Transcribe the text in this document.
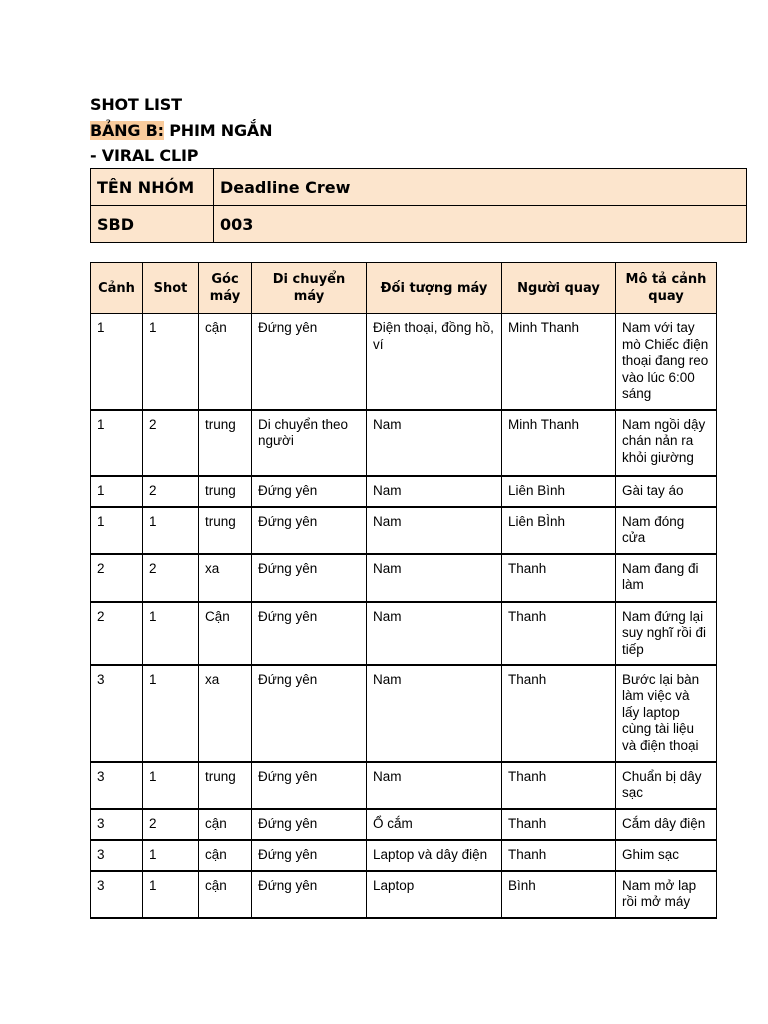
SHOT LIST
BẢNG B: PHIM NGẮN
- VIRAL CLIP
TÊN NHÓM	Deadline Crew
SBD	003
Cảnh	Shot	Góc máy	Di chuyển máy	Đối tượng máy	Người quay	Mô tả cảnh quay
1	1	cận	Đứng yên	Điện thoại, đồng hồ, ví	Minh Thanh	Nam với tay mò Chiếc điện thoại đang reo vào lúc 6:00 sáng
1	2	trung	Di chuyển theo người	Nam	Minh Thanh	Nam ngồi dậy chán nản ra khỏi giường
1	2	trung	Đứng yên	Nam	Liên Bình	Gài tay áo
1	1	trung	Đứng yên	Nam	Liên BÌnh	Nam đóng cửa
2	2	xa	Đứng yên	Nam	Thanh	Nam đang đi làm
2	1	Cận	Đứng yên	Nam	Thanh	Nam đứng lại suy nghĩ rồi đi tiếp
3	1	xa	Đứng yên	Nam	Thanh	Bước lại bàn làm việc và lấy laptop cùng tài liệu và điện thoại
3	1	trung	Đứng yên	Nam	Thanh	Chuẩn bị dây sạc
3	2	cận	Đứng yên	Ổ cắm	Thanh	Cắm dây điện
3	1	cận	Đứng yên	Laptop và dây điện	Thanh	Ghim sạc
3	1	cận	Đứng yên	Laptop	Bình	Nam mở lap rồi mở máy
